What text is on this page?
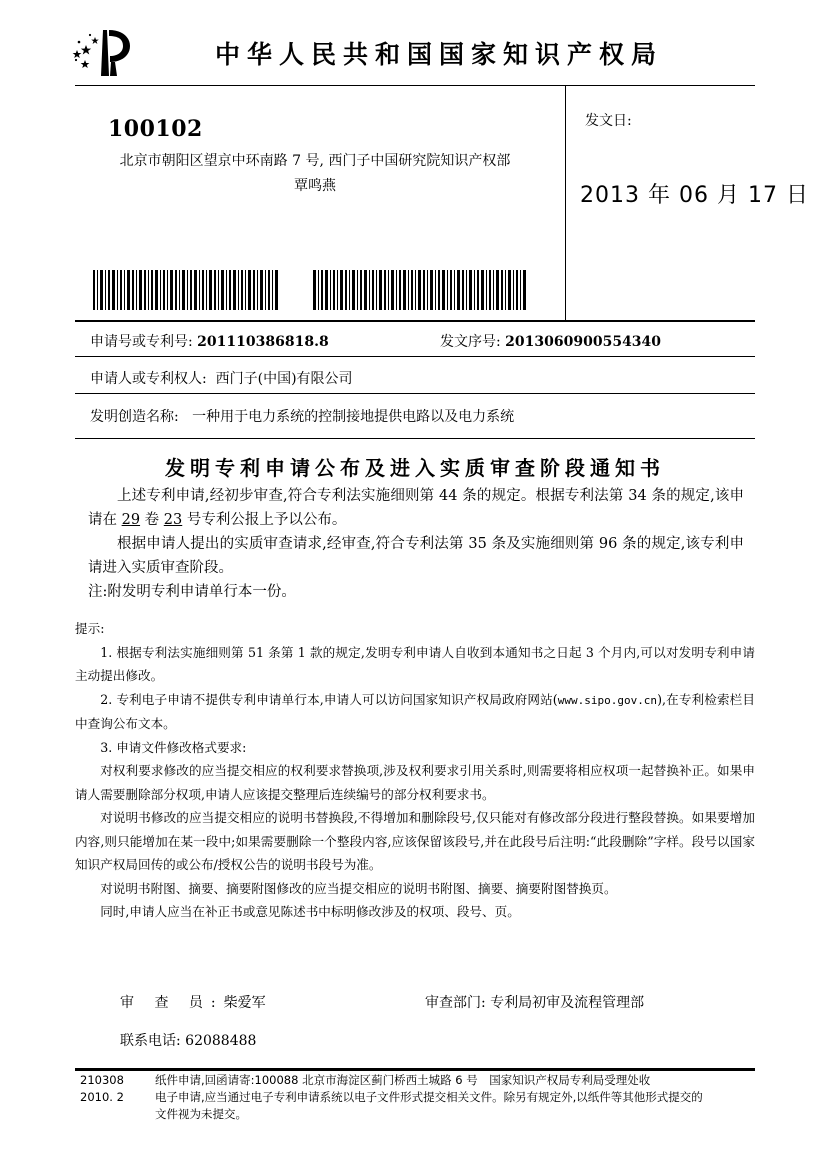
中华人民共和国国家知识产权局
100102
北京市朝阳区望京中环南路 7 号, 西门子中国研究院知识产权部
覃鸣燕
发文日:
2013 年 06 月 17 日
申请号或专利号: 201110386818.8	发文序号: 2013060900554340
申请人或专利权人: 西门子(中国)有限公司
发明创造名称: 一种用于电力系统的控制接地提供电路以及电力系统
发明专利申请公布及进入实质审查阶段通知书

上述专利申请,经初步审查,符合专利法实施细则第 44 条的规定。根据专利法第 34 条的规定,该申请在 29 卷 23 号专利公报上予以公布。

根据申请人提出的实质审查请求,经审查,符合专利法第 35 条及实施细则第 96 条的规定,该专利申请进入实质审查阶段。

注:附发明专利申请单行本一份。

提示:

1. 根据专利法实施细则第 51 条第 1 款的规定,发明专利申请人自收到本通知书之日起 3 个月内,可以对发明专利申请主动提出修改。

2. 专利电子申请不提供专利申请单行本,申请人可以访问国家知识产权局政府网站(www.sipo.gov.cn),在专利检索栏目中查询公布文本。

3. 申请文件修改格式要求:

对权利要求修改的应当提交相应的权利要求替换项,涉及权利要求引用关系时,则需要将相应权项一起替换补正。如果申请人需要删除部分权项,申请人应该提交整理后连续编号的部分权利要求书。

对说明书修改的应当提交相应的说明书替换段,不得增加和删除段号,仅只能对有修改部分段进行整段替换。如果要增加内容,则只能增加在某一段中;如果需要删除一个整段内容,应该保留该段号,并在此段号后注明:“此段删除”字样。段号以国家知识产权局回传的或公布/授权公告的说明书段号为准。

对说明书附图、摘要、摘要附图修改的应当提交相应的说明书附图、摘要、摘要附图替换页。

同时,申请人应当在补正书或意见陈述书中标明修改涉及的权项、段号、页。

审 查 员:柴爱军	审查部门: 专利局初审及流程管理部
联系电话: 62088488
210308
2010. 2
纸件申请,回函请寄:100088 北京市海淀区蓟门桥西土城路 6 号　国家知识产权局专利局受理处收
电子申请,应当通过电子专利申请系统以电子文件形式提交相关文件。除另有规定外,以纸件等其他形式提交的
文件视为未提交。
